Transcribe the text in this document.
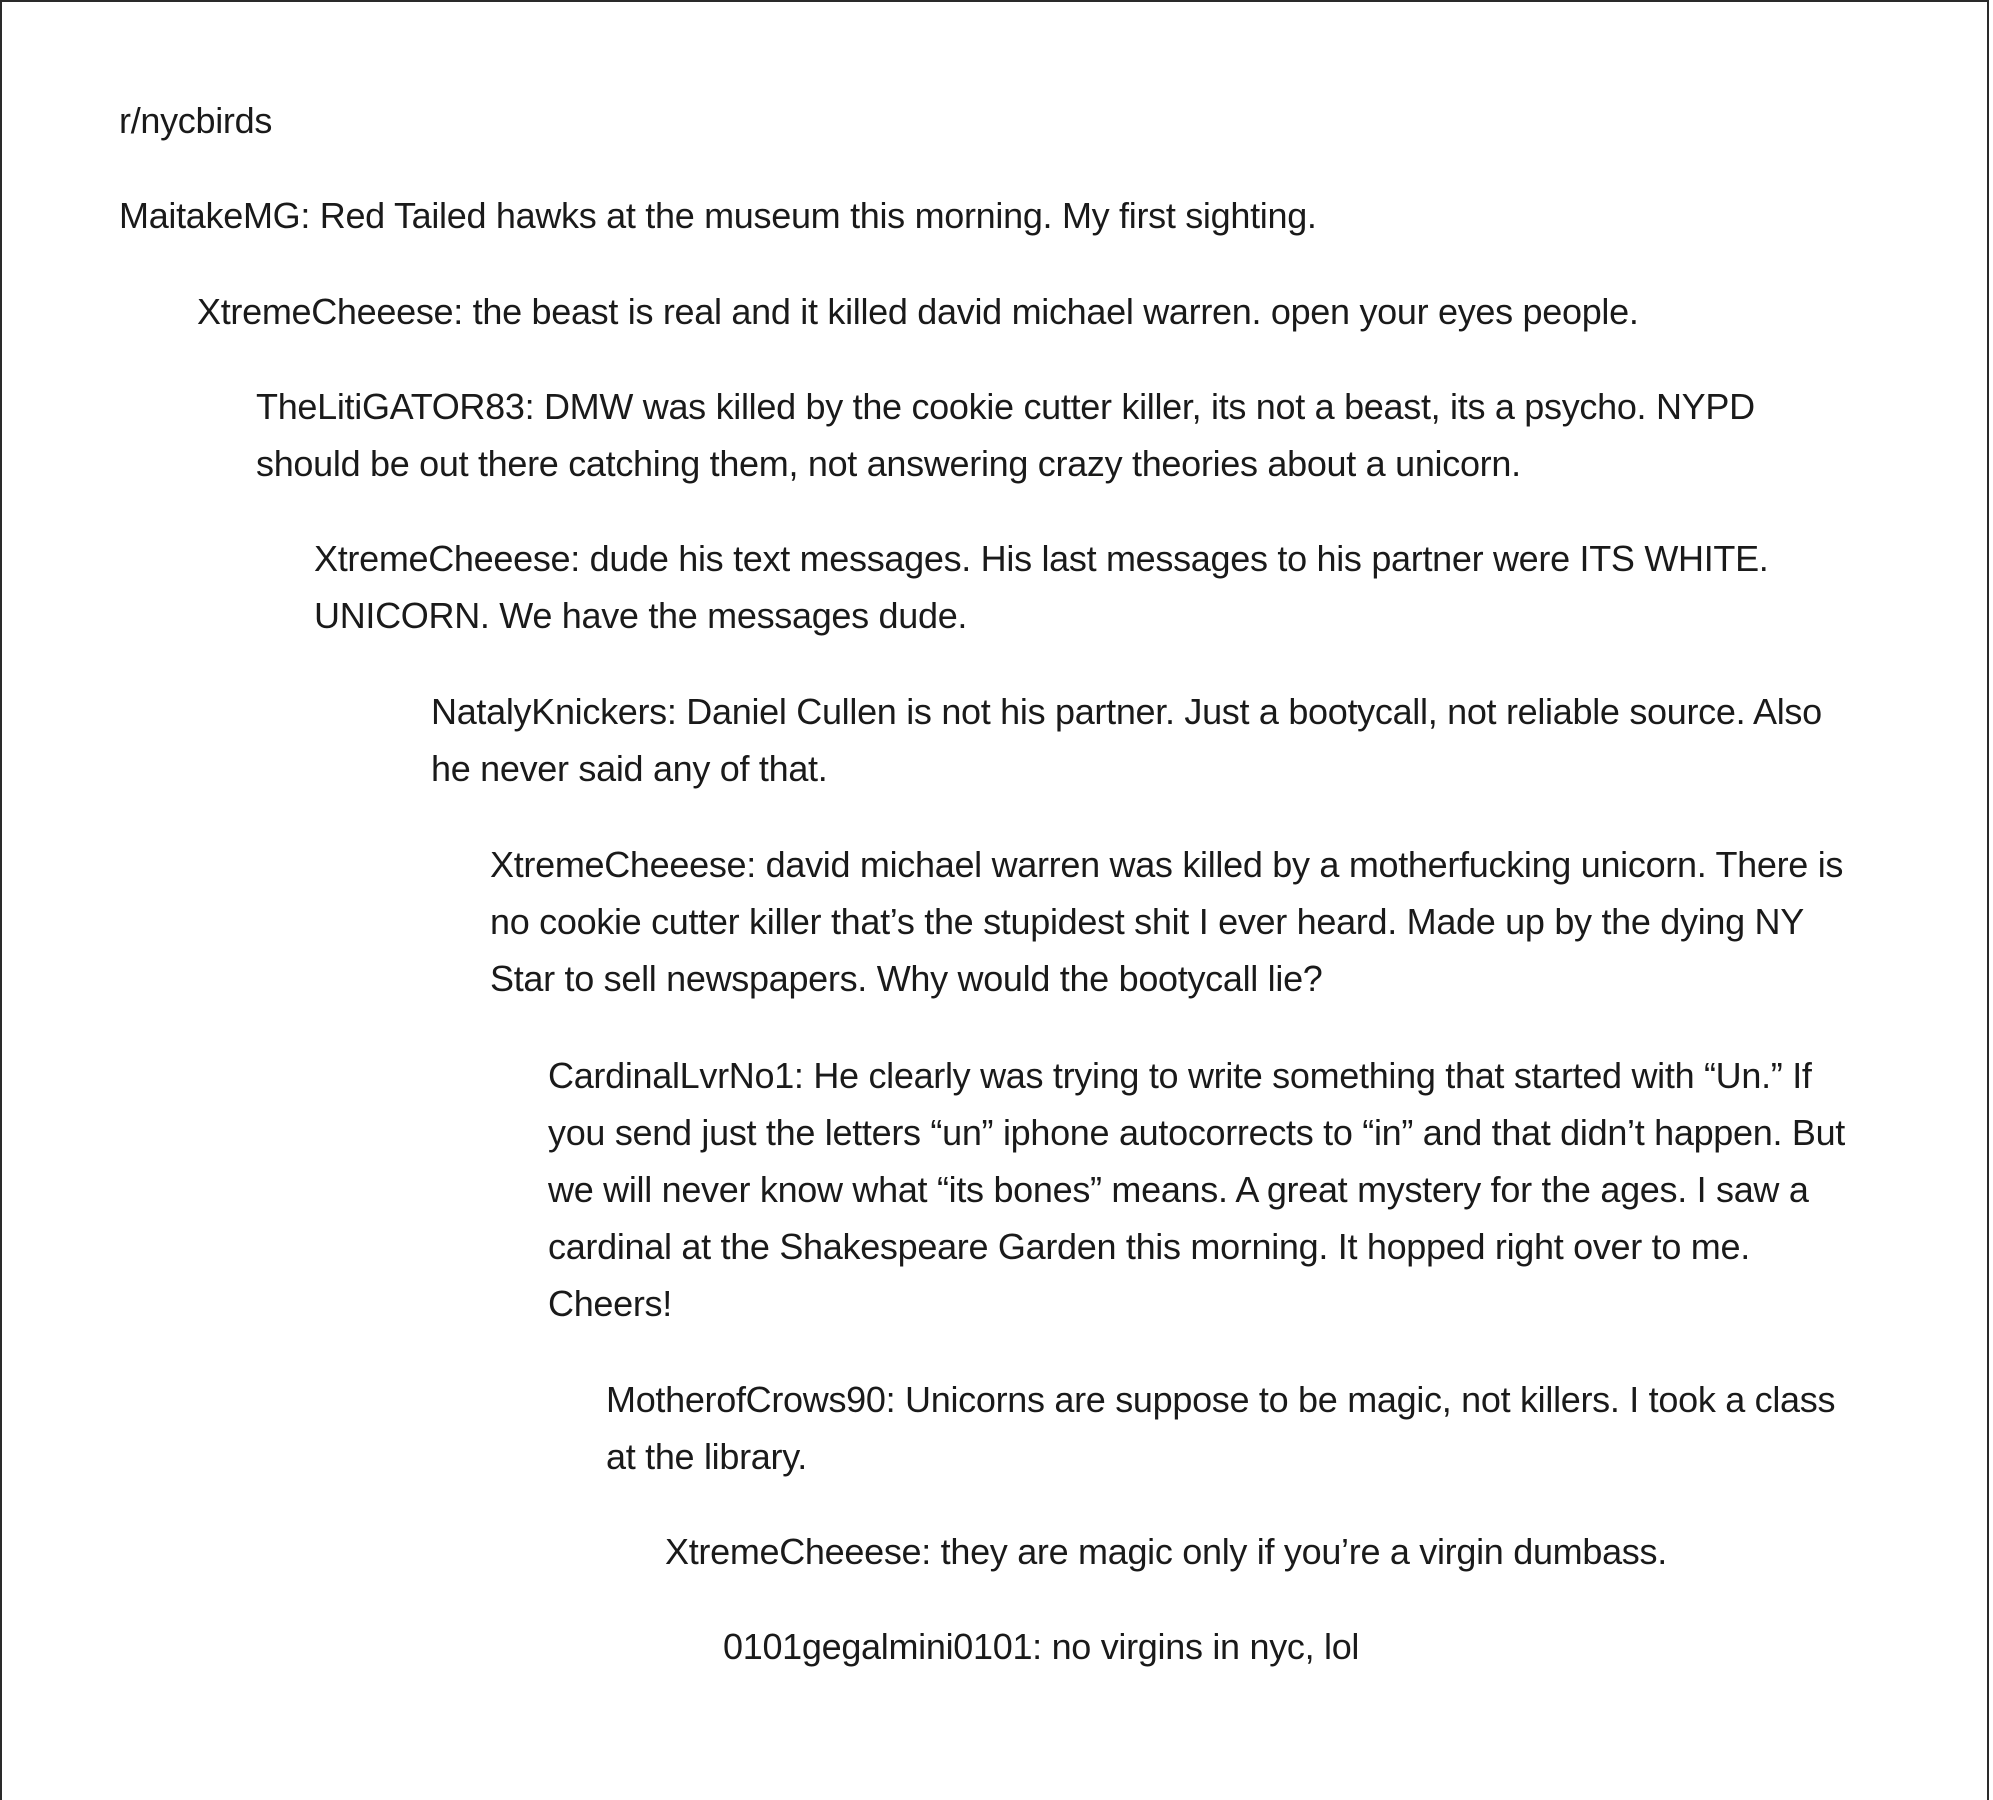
r/nycbirds

MaitakeMG: Red Tailed hawks at the museum this morning. My first sighting.

XtremeCheeese: the beast is real and it killed david michael warren. open your eyes people.

TheLitiGATOR83: DMW was killed by the cookie cutter killer, its not a beast, its a psycho. NYPD should be out there catching them, not answering crazy theories about a unicorn.

XtremeCheeese: dude his text messages. His last messages to his partner were ITS WHITE. UNICORN. We have the messages dude.

NatalyKnickers: Daniel Cullen is not his partner. Just a bootycall, not reliable source. Also he never said any of that.

XtremeCheeese: david michael warren was killed by a motherfucking unicorn. There is no cookie cutter killer that’s the stupidest shit I ever heard. Made up by the dying NY Star to sell newspapers. Why would the bootycall lie?

CardinalLvrNo1: He clearly was trying to write something that started with “Un.” If you send just the letters “un” iphone autocorrects to “in” and that didn’t happen. But we will never know what “its bones” means. A great mystery for the ages. I saw a cardinal at the Shakespeare Garden this morning. It hopped right over to me. Cheers!

MotherofCrows90: Unicorns are suppose to be magic, not killers. I took a class at the library.

XtremeCheeese: they are magic only if you’re a virgin dumbass.

0101gegalmini0101: no virgins in nyc, lol
